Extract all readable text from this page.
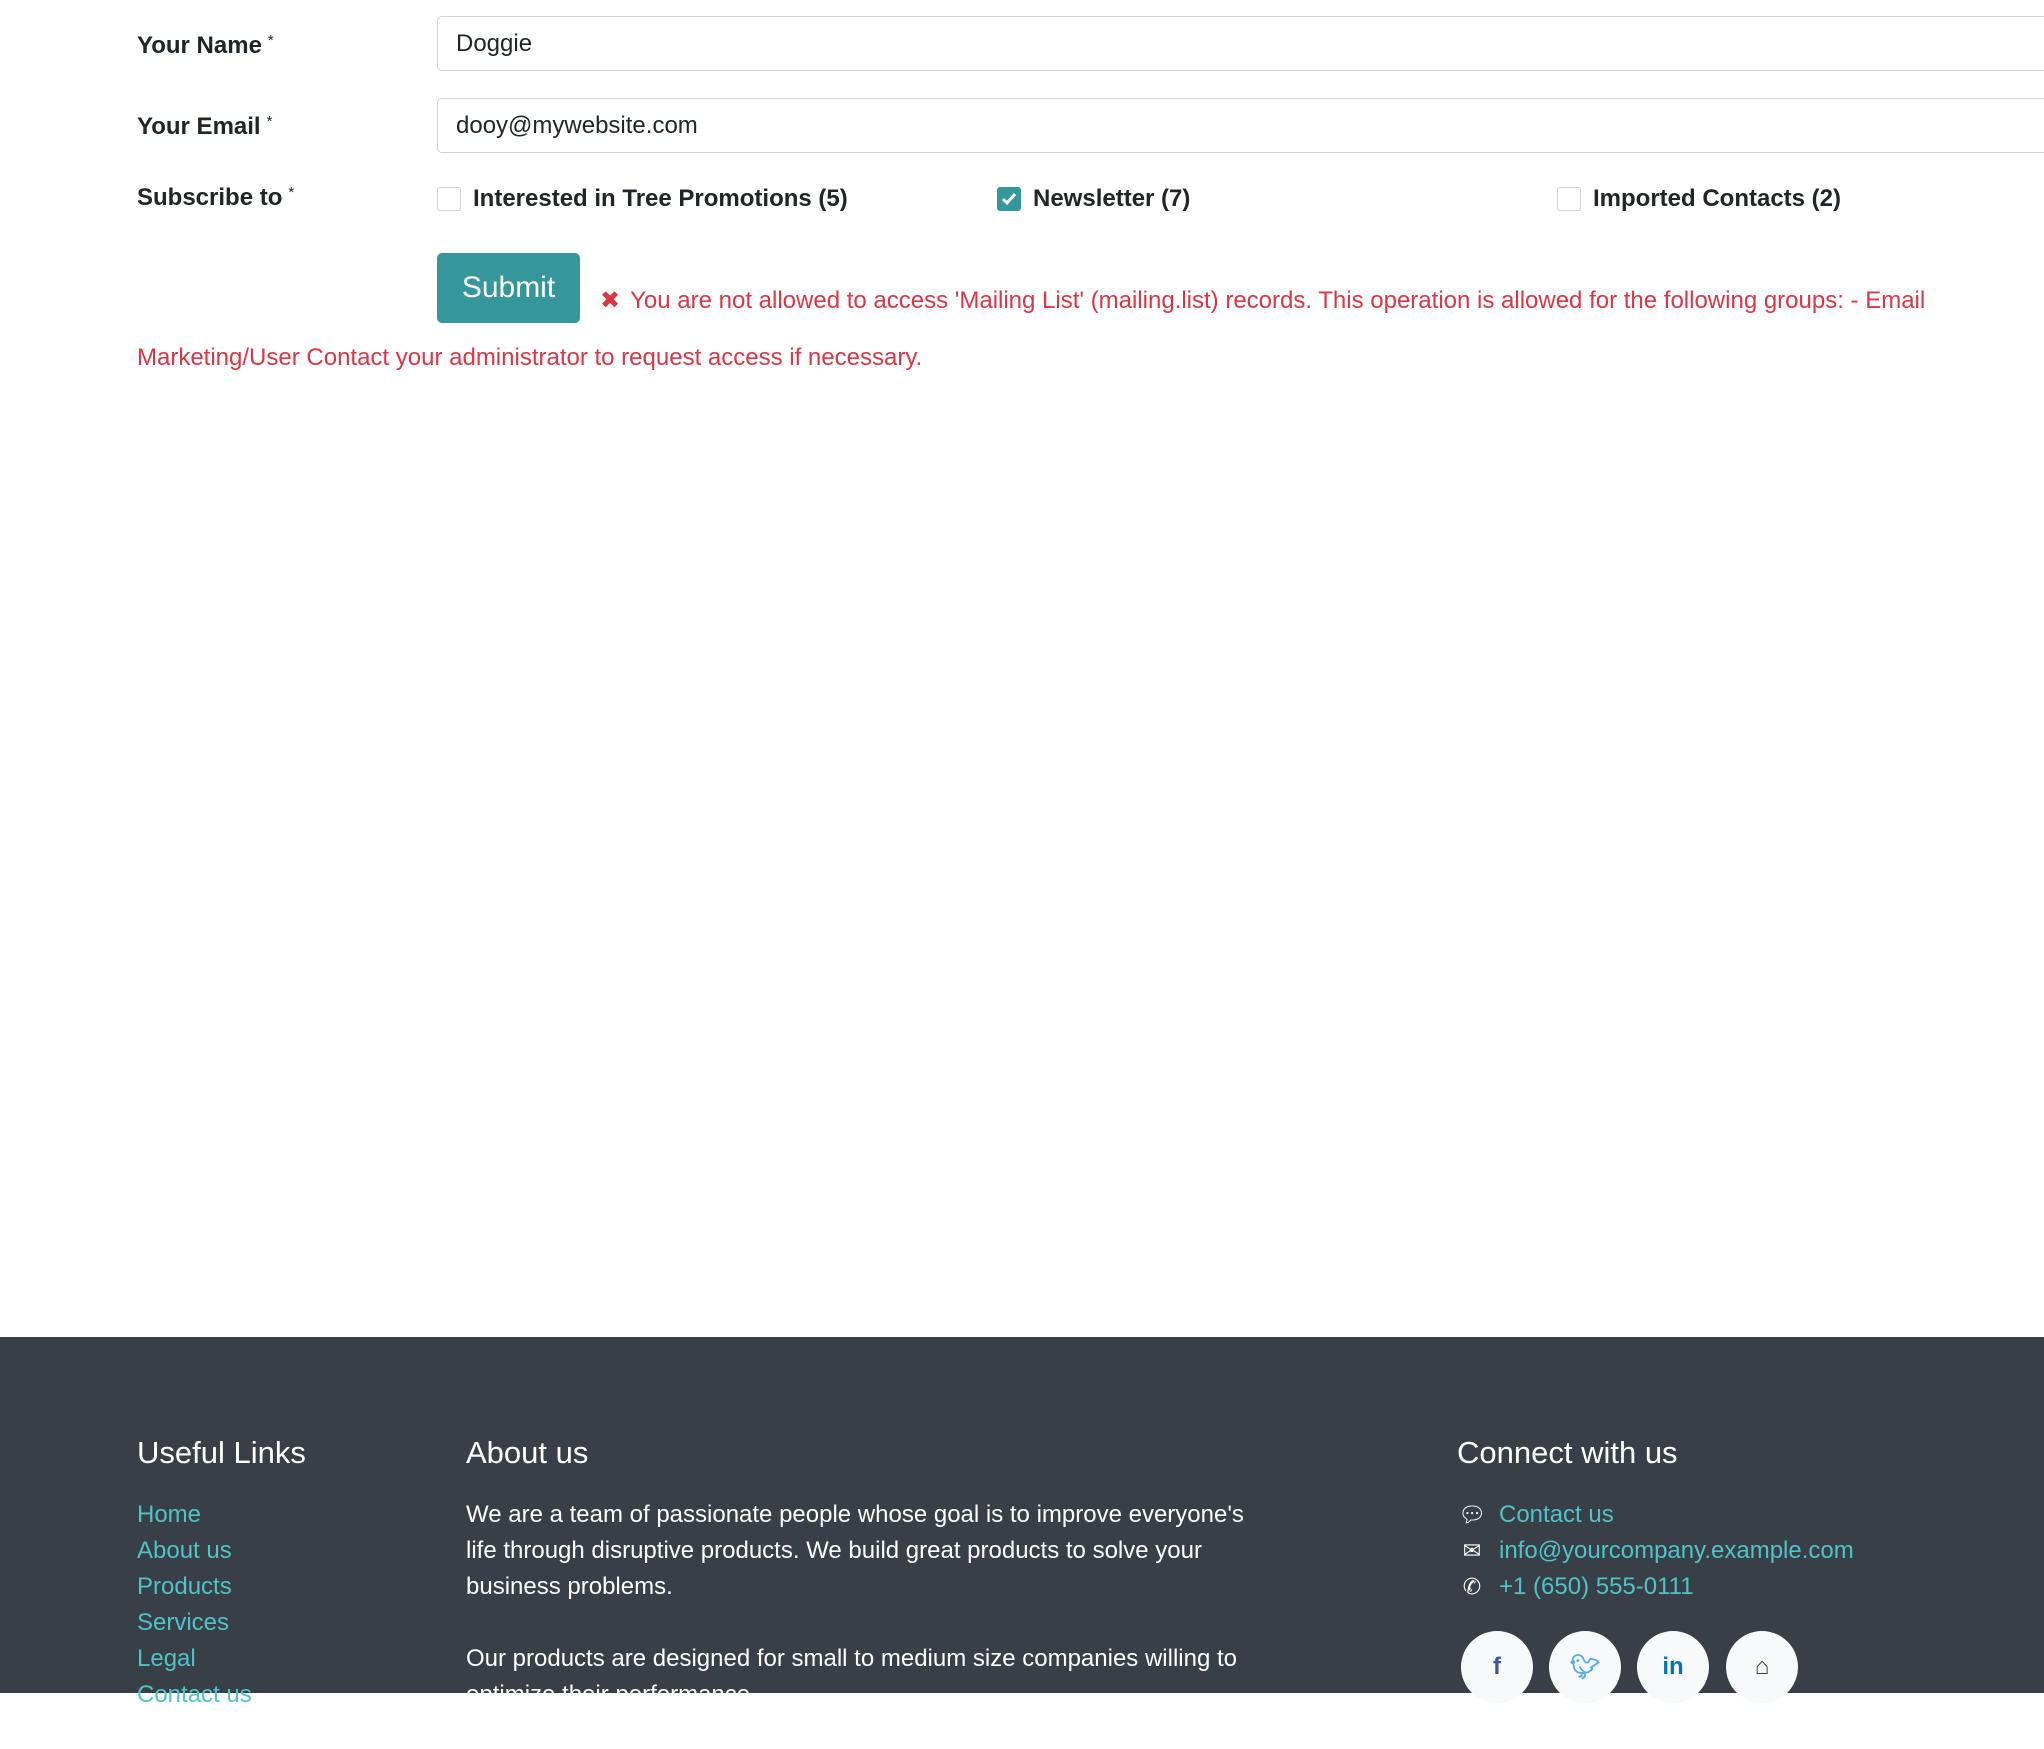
Your Name *
Doggie
Your Email *
dooy@mywebsite.com
Subscribe to *	Interested in Tree Promotions (5)	Newsletter (7)	Imported Contacts (2)
Submit	✖ You are not allowed to access 'Mailing List' (mailing.list) records. This operation is allowed for the following groups: - Email Marketing/User Contact your administrator to request access if necessary.
Useful Links	About us	Connect with us
Home
About us
Products
Services
Legal
Contact us

We are a team of passionate people whose goal is to improve everyone's life through disruptive products. We build great products to solve your business problems.

Our products are designed for small to medium size companies willing to optimize their performance.

💬︎ Contact us
✉ info@yourcompany.example.com
✆ +1 (650) 555-0111
f	🐦︎	in	⌂
